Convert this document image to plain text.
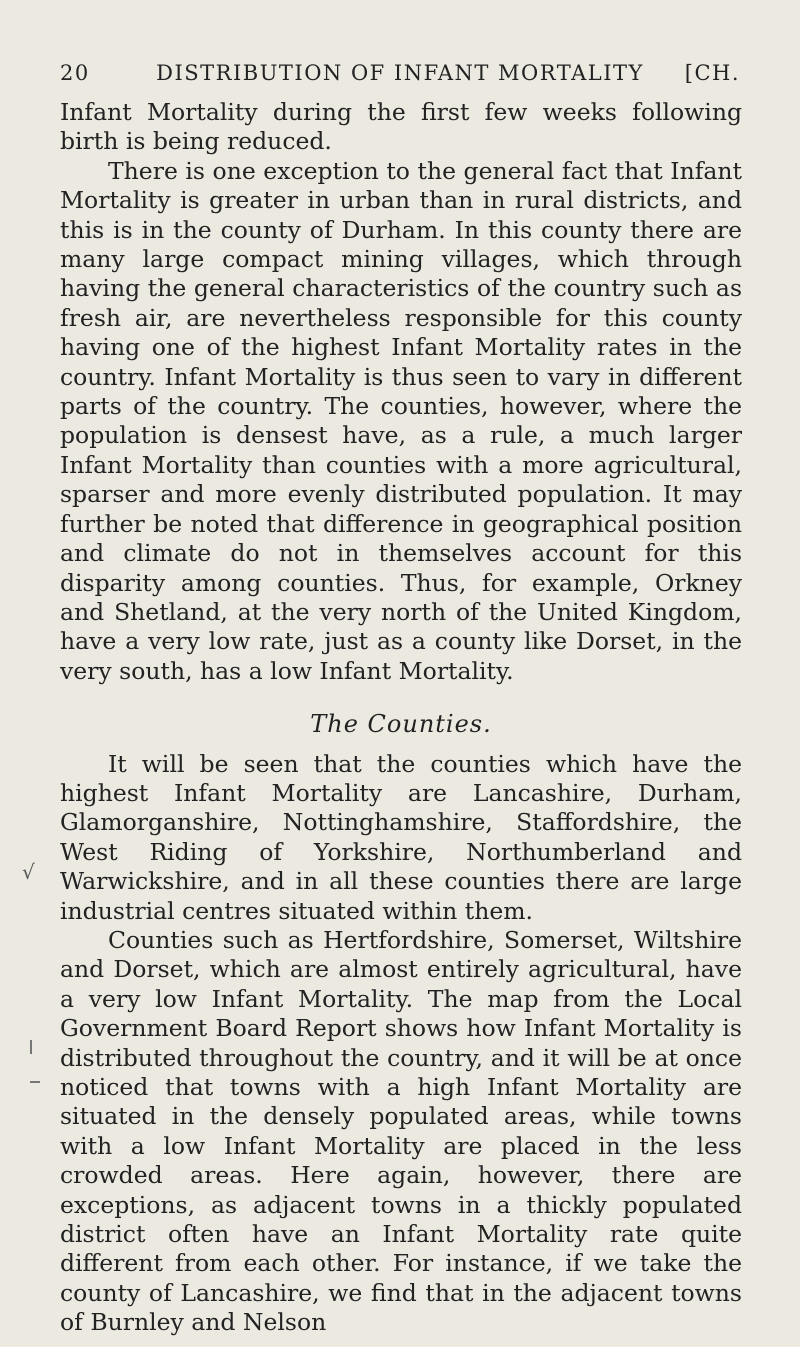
20	DISTRIBUTION OF INFANT MORTALITY	[CH.

Infant Mortality during the first few weeks following birth is being reduced.

There is one exception to the general fact that Infant Mortality is greater in urban than in rural districts, and this is in the county of Durham. In this county there are many large compact mining villages, which through having the general characteristics of the country such as fresh air, are nevertheless responsible for this county having one of the highest Infant Mortality rates in the country. Infant Mortality is thus seen to vary in different parts of the country. The counties, however, where the population is densest have, as a rule, a much larger Infant Mortality than counties with a more agricultural, sparser and more evenly distributed population. It may further be noted that difference in geographical position and climate do not in themselves account for this disparity among counties. Thus, for example, Orkney and Shetland, at the very north of the United Kingdom, have a very low rate, just as a county like Dorset, in the very south, has a low Infant Mortality.

The Counties.

It will be seen that the counties which have the highest Infant Mortality are Lancashire, Durham, Glamorganshire, Nottinghamshire, Staffordshire, the West Riding of Yorkshire, Northumberland and Warwickshire, and in all these counties there are large industrial centres situated within them.

Counties such as Hertfordshire, Somerset, Wiltshire and Dorset, which are almost entirely agricultural, have a very low Infant Mortality. The map from the Local Government Board Report shows how Infant Mortality is distributed throughout the country, and it will be at once noticed that towns with a high Infant Mortality are situated in the densely populated areas, while towns with a low Infant Mortality are placed in the less crowded areas. Here again, however, there are exceptions, as adjacent towns in a thickly populated district often have an Infant Mortality rate quite different from each other. For instance, if we take the county of Lancashire, we find that in the adjacent towns of Burnley and Nelson

√
